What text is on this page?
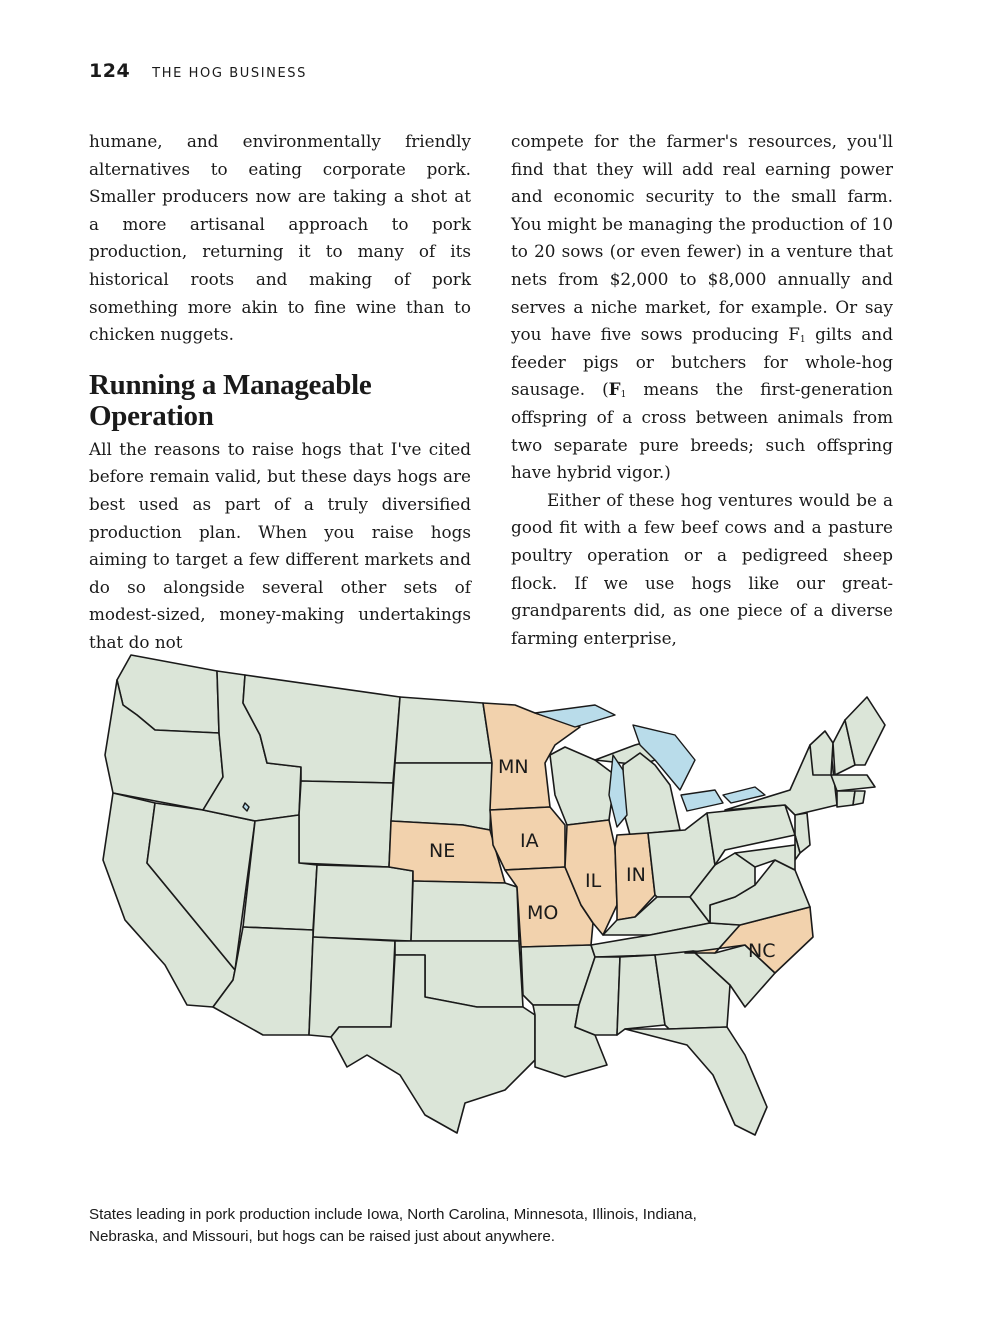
124 THE HOG BUSINESS

humane, and environmentally friendly alternatives to eating corporate pork. Smaller producers now are taking a shot at a more artisanal approach to pork production, returning it to many of its historical roots and making of pork something more akin to fine wine than to chicken nuggets.

Running a Manageable Operation

All the reasons to raise hogs that I've cited before remain valid, but these days hogs are best used as part of a truly diversified production plan. When you raise hogs aiming to target a few different markets and do so alongside several other sets of modest-sized, money-making undertakings that do not

compete for the farmer's resources, you'll find that they will add real earning power and economic security to the small farm. You might be managing the production of 10 to 20 sows (or even fewer) in a venture that nets from $2,000 to $8,000 annually and serves a niche market, for example. Or say you have five sows producing $F_1$ gilts and feeder pigs or butchers for whole-hog sausage. ($F_1$ means the first-generation offspring of a cross between animals from two separate pure breeds; such offspring have hybrid vigor.)

Either of these hog ventures would be a good fit with a few beef cows and a pasture poultry operation or a pedigreed sheep flock. If we use hogs like our great-grandparents did, as one piece of a diverse farming enterprise,

MN
IA
NE
IL IN
MO
NC
States leading in pork production include Iowa, North Carolina, Minnesota, Illinois, Indiana, Nebraska, and Missouri, but hogs can be raised just about anywhere.
